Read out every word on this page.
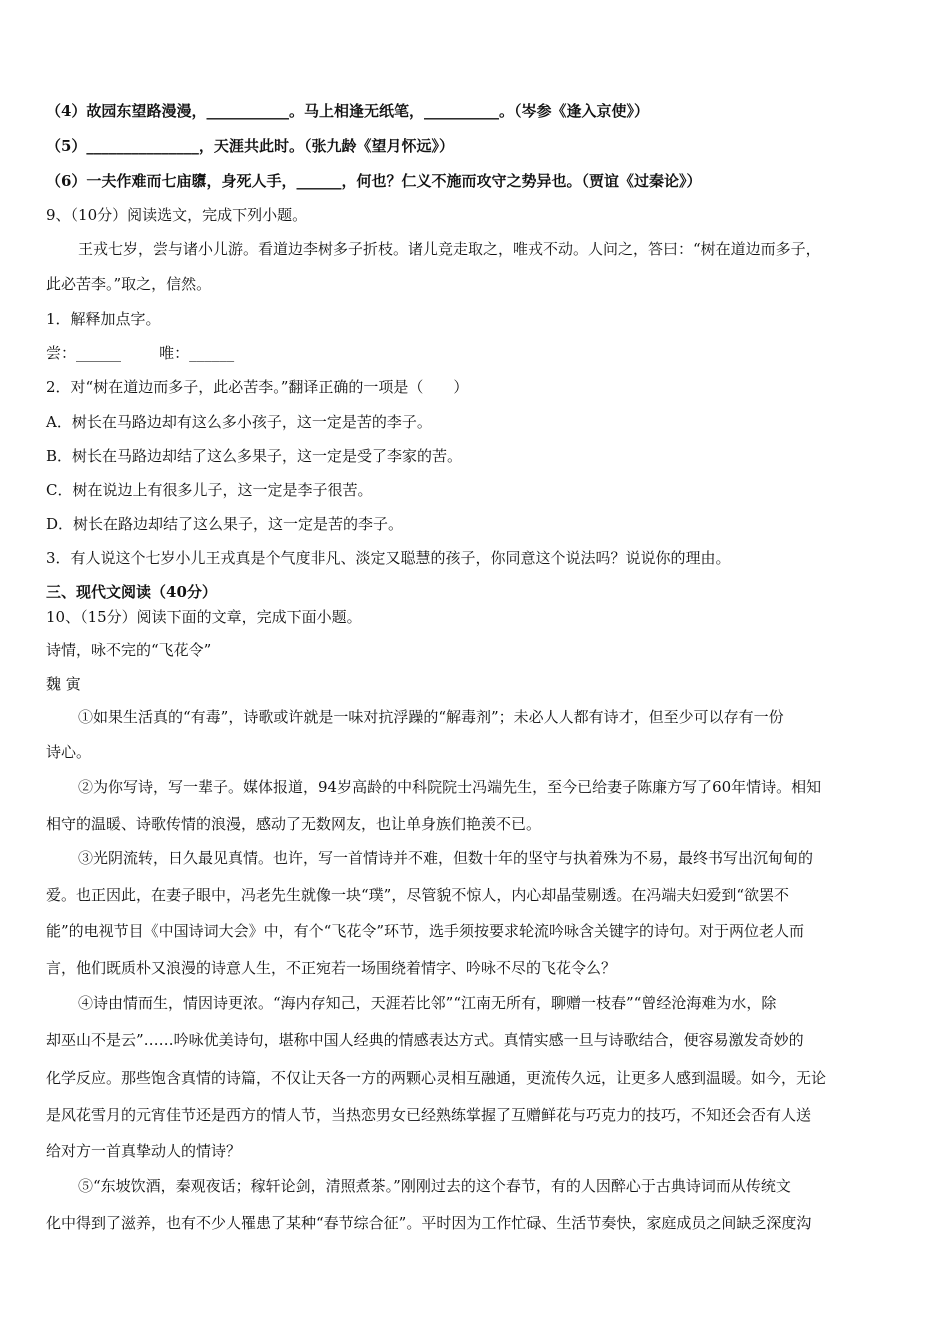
（4）故园东望路漫漫，___________。马上相逢无纸笔，__________。（岑参《逢入京使》）
（5）_______________，天涯共此时。（张九龄《望月怀远》）
（6）一夫作难而七庙隳，身死人手，______，何也？仁义不施而攻守之势异也。（贾谊《过秦论》）
9、（10分）阅读选文，完成下列小题。
王戎七岁，尝与诸小儿游。看道边李树多子折枝。诸儿竞走取之，唯戎不动。人问之，答曰：“树在道边而多子，
此必苦李。”取之，信然。
1．解释加点字。
尝：______        唯：______
2．对“树在道边而多子，此必苦李。”翻译正确的一项是（　　）
A．树长在马路边却有这么多小孩子，这一定是苦的李子。
B．树长在马路边却结了这么多果子，这一定是受了李家的苦。
C．树在说边上有很多儿子，这一定是李子很苦。
D．树长在路边却结了这么果子，这一定是苦的李子。
3．有人说这个七岁小儿王戎真是个气度非凡、淡定又聪慧的孩子，你同意这个说法吗？说说你的理由。
三、现代文阅读（40分）
10、（15分）阅读下面的文章，完成下面小题。
诗情，咏不完的“飞花令”
魏 寅
①如果生活真的“有毒”，诗歌或许就是一味对抗浮躁的“解毒剂”；未必人人都有诗才，但至少可以存有一份
诗心。
②为你写诗，写一辈子。媒体报道，94岁高龄的中科院院士冯端先生，至今已给妻子陈廉方写了60年情诗。相知
相守的温暖、诗歌传情的浪漫，感动了无数网友，也让单身族们艳羡不已。
③光阴流转，日久最见真情。也许，写一首情诗并不难，但数十年的坚守与执着殊为不易，最终书写出沉甸甸的
爱。也正因此，在妻子眼中，冯老先生就像一块“璞”，尽管貌不惊人，内心却晶莹剔透。在冯端夫妇爱到“欲罢不
能”的电视节目《中国诗词大会》中，有个“飞花令”环节，选手须按要求轮流吟咏含关键字的诗句。对于两位老人而
言，他们既质朴又浪漫的诗意人生，不正宛若一场围绕着情字、吟咏不尽的飞花令么？
④诗由情而生，情因诗更浓。“海内存知己，天涯若比邻”“江南无所有，聊赠一枝春”“曾经沧海难为水，除
却巫山不是云”……吟咏优美诗句，堪称中国人经典的情感表达方式。真情实感一旦与诗歌结合，便容易激发奇妙的
化学反应。那些饱含真情的诗篇，不仅让天各一方的两颗心灵相互融通，更流传久远，让更多人感到温暖。如今，无论
是风花雪月的元宵佳节还是西方的情人节，当热恋男女已经熟练掌握了互赠鲜花与巧克力的技巧，不知还会否有人送
给对方一首真挚动人的情诗？
⑤“东坡饮酒，秦观夜话；稼轩论剑，清照煮茶。”刚刚过去的这个春节，有的人因醉心于古典诗词而从传统文
化中得到了滋养，也有不少人罹患了某种“春节综合征”。平时因为工作忙碌、生活节奏快，家庭成员之间缺乏深度沟
